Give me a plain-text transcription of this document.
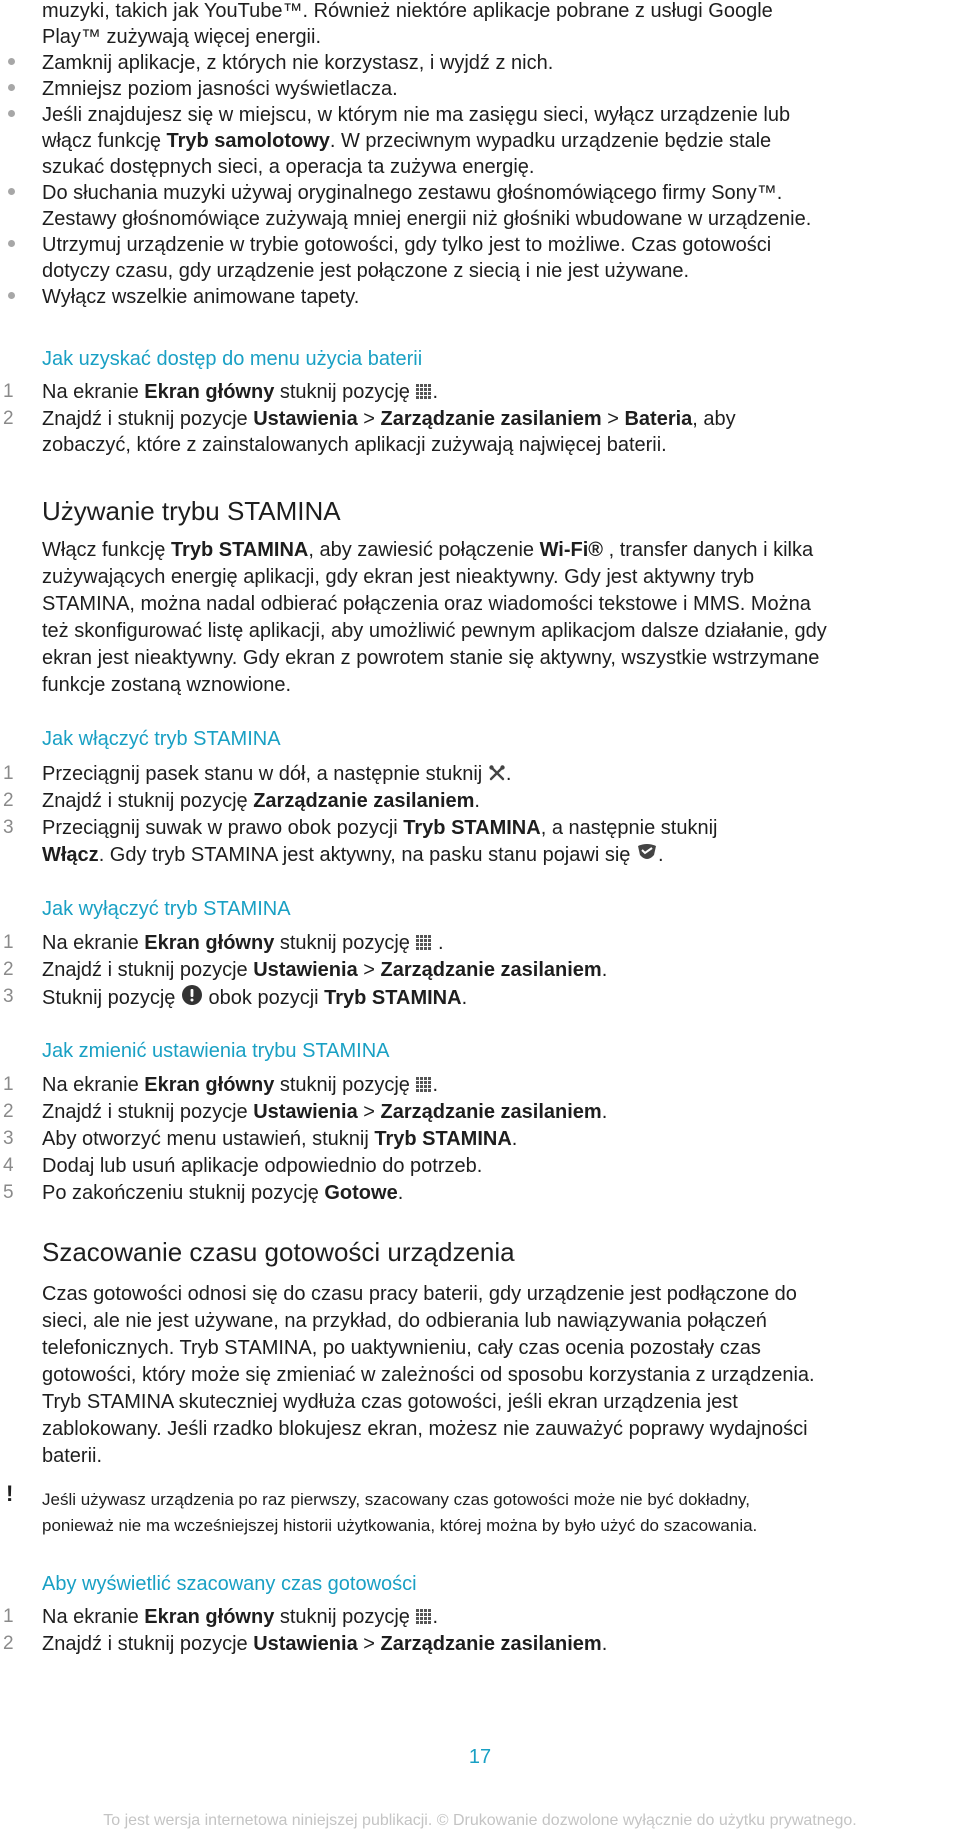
muzyki, takich jak YouTube™. Również niektóre aplikacje pobrane z usługi Google
Play™ zużywają więcej energii.
Zamknij aplikacje, z których nie korzystasz, i wyjdź z nich.
Zmniejsz poziom jasności wyświetlacza.
Jeśli znajdujesz się w miejscu, w którym nie ma zasięgu sieci, wyłącz urządzenie lub
włącz funkcję Tryb samolotowy. W przeciwnym wypadku urządzenie będzie stale
szukać dostępnych sieci, a operacja ta zużywa energię.
Do słuchania muzyki używaj oryginalnego zestawu głośnomówiącego firmy Sony™.
Zestawy głośnomówiące zużywają mniej energii niż głośniki wbudowane w urządzenie.
Utrzymuj urządzenie w trybie gotowości, gdy tylko jest to możliwe. Czas gotowości
dotyczy czasu, gdy urządzenie jest połączone z siecią i nie jest używane.
Wyłącz wszelkie animowane tapety.
Jak uzyskać dostęp do menu użycia baterii
1 Na ekranie Ekran główny stuknij pozycję .
2 Znajdź i stuknij pozycje Ustawienia > Zarządzanie zasilaniem > Bateria, aby
zobaczyć, które z zainstalowanych aplikacji zużywają najwięcej baterii.
Używanie trybu STAMINA
Włącz funkcję Tryb STAMINA, aby zawiesić połączenie Wi-Fi® , transfer danych i kilka
zużywających energię aplikacji, gdy ekran jest nieaktywny. Gdy jest aktywny tryb
STAMINA, można nadal odbierać połączenia oraz wiadomości tekstowe i MMS. Można
też skonfigurować listę aplikacji, aby umożliwić pewnym aplikacjom dalsze działanie, gdy
ekran jest nieaktywny. Gdy ekran z powrotem stanie się aktywny, wszystkie wstrzymane
funkcje zostaną wznowione.
Jak włączyć tryb STAMINA
1 Przeciągnij pasek stanu w dół, a następnie stuknij .
2 Znajdź i stuknij pozycję Zarządzanie zasilaniem.
3 Przeciągnij suwak w prawo obok pozycji Tryb STAMINA, a następnie stuknij
Włącz. Gdy tryb STAMINA jest aktywny, na pasku stanu pojawi się .
Jak wyłączyć tryb STAMINA
1 Na ekranie Ekran główny stuknij pozycję  .
2 Znajdź i stuknij pozycje Ustawienia > Zarządzanie zasilaniem.
3 Stuknij pozycję  obok pozycji Tryb STAMINA.
Jak zmienić ustawienia trybu STAMINA
1 Na ekranie Ekran główny stuknij pozycję .
2 Znajdź i stuknij pozycje Ustawienia > Zarządzanie zasilaniem.
3 Aby otworzyć menu ustawień, stuknij Tryb STAMINA.
4 Dodaj lub usuń aplikacje odpowiednio do potrzeb.
5 Po zakończeniu stuknij pozycję Gotowe.
Szacowanie czasu gotowości urządzenia
Czas gotowości odnosi się do czasu pracy baterii, gdy urządzenie jest podłączone do
sieci, ale nie jest używane, na przykład, do odbierania lub nawiązywania połączeń
telefonicznych. Tryb STAMINA, po uaktywnieniu, cały czas ocenia pozostały czas
gotowości, który może się zmieniać w zależności od sposobu korzystania z urządzenia.
Tryb STAMINA skuteczniej wydłuża czas gotowości, jeśli ekran urządzenia jest
zablokowany. Jeśli rzadko blokujesz ekran, możesz nie zauważyć poprawy wydajności
baterii.
! Jeśli używasz urządzenia po raz pierwszy, szacowany czas gotowości może nie być dokładny,
ponieważ nie ma wcześniejszej historii użytkowania, której można by było użyć do szacowania.
Aby wyświetlić szacowany czas gotowości
1 Na ekranie Ekran główny stuknij pozycję .
2 Znajdź i stuknij pozycje Ustawienia > Zarządzanie zasilaniem.
17
To jest wersja internetowa niniejszej publikacji. © Drukowanie dozwolone wyłącznie do użytku prywatnego.
